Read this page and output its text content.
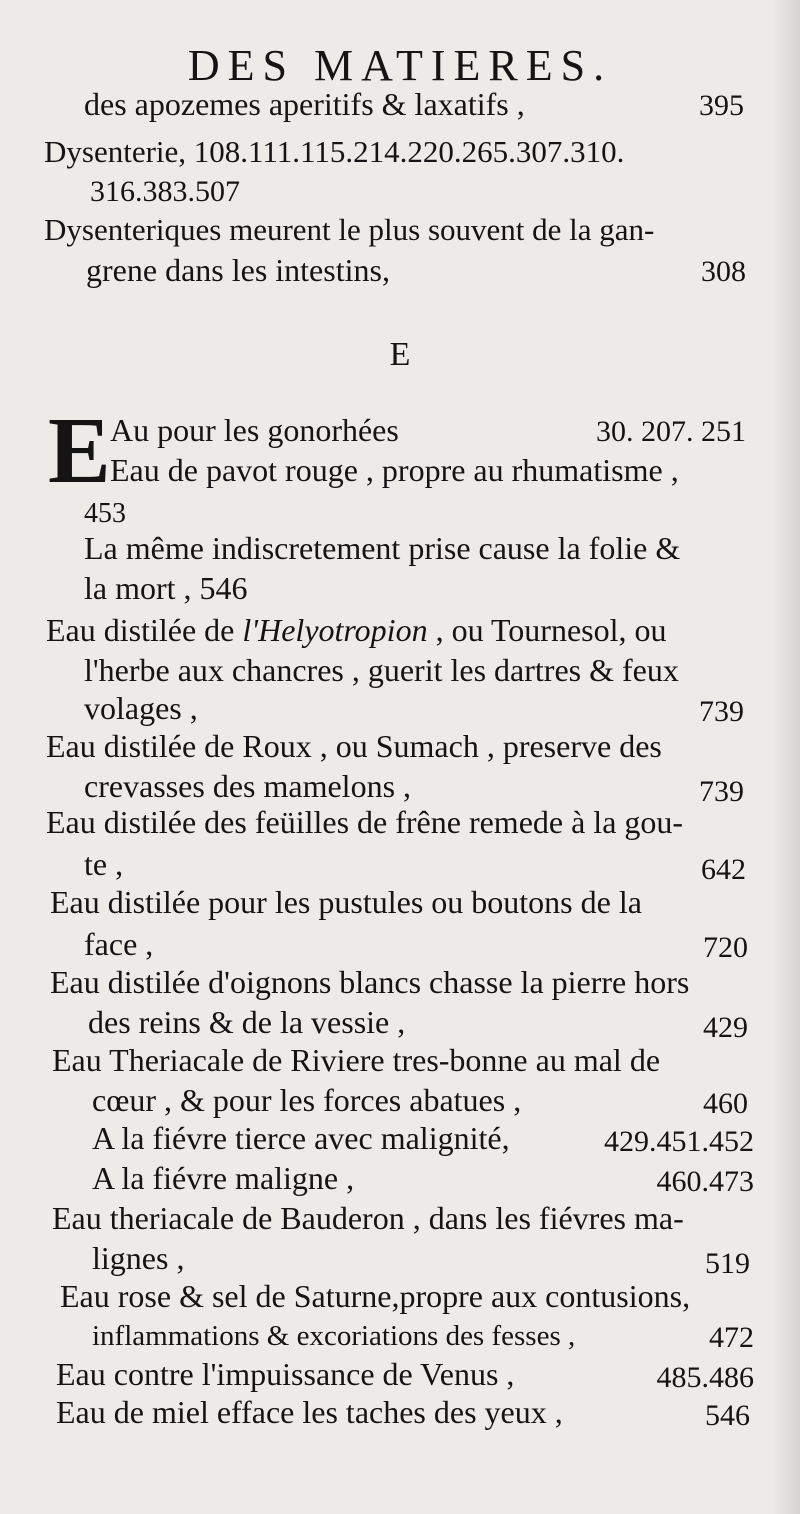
DES MATIERES.
des apozemes aperitifs & laxatifs ,	395
Dysenterie, 108.111.115.214.220.265.307.310.
316.383.507
Dysenteriques meurent le plus souvent de la gan-
grene dans les intestins,	308
E
E Au pour les gonorhées	30. 207. 251
Eau de pavot rouge , propre au rhumatisme ,
453
La même indiscretement prise cause la folie &
la mort , 546
Eau distilée de l'Helyotropion , ou Tournesol, ou
l'herbe aux chancres , guerit les dartres & feux
volages ,	739
Eau distilée de Roux , ou Sumach , preserve des
crevasses des mamelons ,	739
Eau distilée des feüilles de frêne remede à la gou-
te ,	642
Eau distilée pour les pustules ou boutons de la
face ,	720
Eau distilée d'oignons blancs chasse la pierre hors
des reins & de la vessie ,	429
Eau Theriacale de Riviere tres-bonne au mal de
cœur , & pour les forces abatues ,	460
A la fiévre tierce avec malignité,	429.451.452
A la fiévre maligne ,	460.473
Eau theriacale de Bauderon , dans les fiévres ma-
lignes ,	519
Eau rose & sel de Saturne,propre aux contusions,
inflammations & excoriations des fesses ,	472
Eau contre l'impuissance de Venus ,	485.486
Eau de miel efface les taches des yeux ,	546
